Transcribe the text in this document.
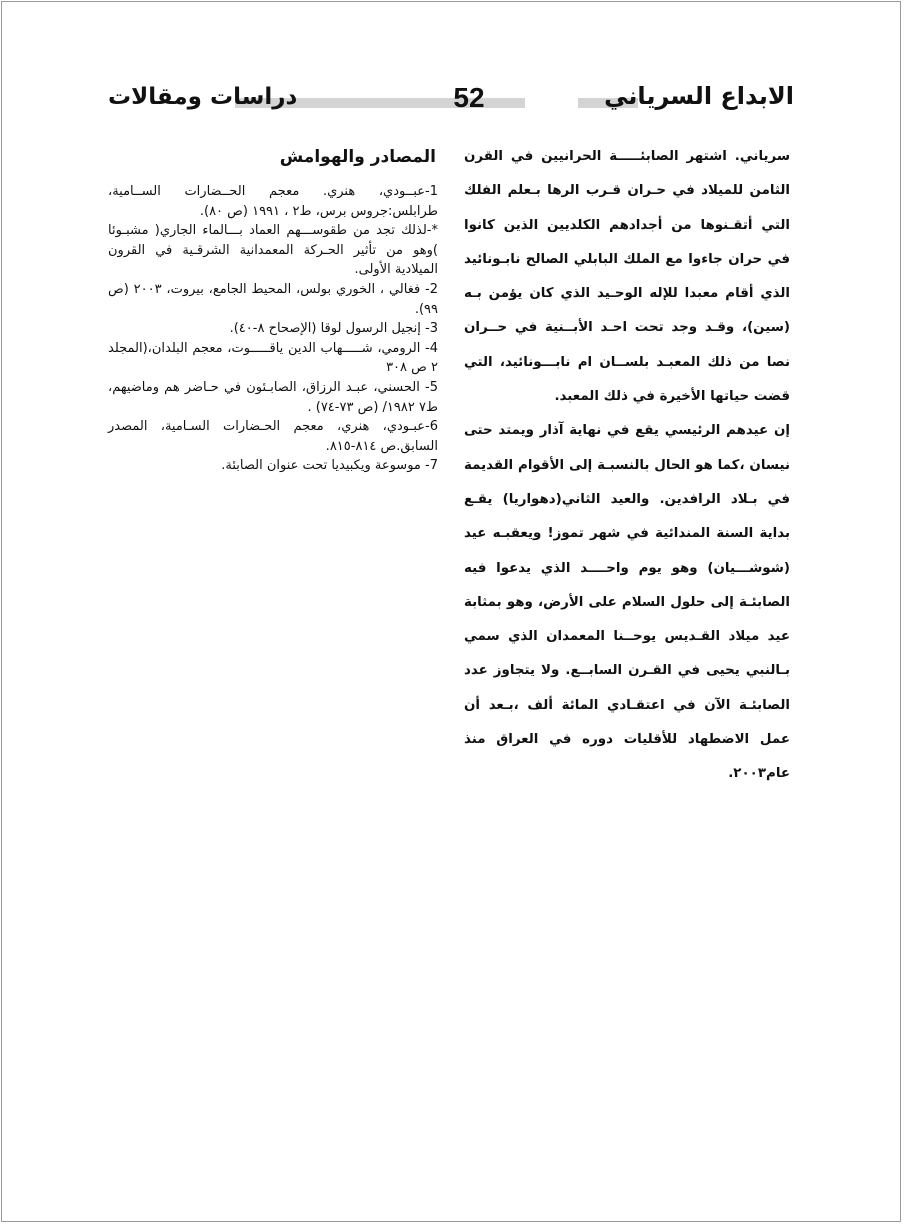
دراسات ومقالات	52	الابداع السرياني

سرياني. اشتهر الصابئـــــة الحرانيين في القرن الثامن للميلاد في حـران قـرب الرها بـعلم الفلك التي أتقـنوها من أجدادهم الكلديين الذين كانوا في حران جاءوا مع الملك البابلي الصالح نابـونائيد الذي أقام معبدا للإله الوحـيد الذي كان يؤمن بـه (سين)، وقـد وجد تحت احـد الأبــنية في حــران نصا من ذلك المعبـد بلســان ام نابـــونائيد، التي قضت حياتها الأخيرة في ذلك المعبد.

إن عيدهم الرئيسي يقع في نهاية آذار ويمتد حتى نيسان ،كما هو الحال بالنسبـة إلى الأقوام القديمة في بـلاد الرافدين. والعيد الثاني(دهواريا) يقـع بداية السنة المندائية في شهر تموز! ويعقبـه عيد (شوشـــيان) وهو يوم واحــــد الذي يدعوا فيه الصابئـة إلى حلول السلام على الأرض، وهو بمثابة عيد ميلاد القـديس يوحــنا المعمدان الذي سمي بـالنبي يحيى في القـرن السابــع. ولا يتجاوز عدد الصابئـة الآن في اعتقـادي المائة ألف ،بـعد أن عمل الاضطهاد للأقليات دوره في العراق منذ عام٢٠٠٣.

المصادر والهوامش
1-عبــودي، هنري. معجم الحــضارات الســامية، طرابلس:جروس برس، ط٢ ، ١٩٩١ (ص ٨٠).
*-لذلك تجد من طقوســـهم العماد بـــالماء الجاري( مشبـوئا )وهو من تأثير الحـركة المعمدانية الشرقـية في القرون الميلادية الأولى.
2- فغالي ، الخوري بولس، المحيط الجامع، بيروت، ٢٠٠٣ (ص ٩٩).
3- إنجيل الرسول لوقا (الإصحاح ٨-٤٠).
4- الرومي، شـــــهاب الدين ياقـــــوت، معجم البلدان،(المجلد ٢ ص ٣٠٨
5- الحسني، عبـد الرزاق، الصابـئون في حـاضر هم وماضيهم، ط٧ ١٩٨٢/ (ص ٧٣-٧٤) .
6-عبـودي، هنري، معجم الحـضارات السـامية، المصدر السابق.ص ٨١٤-٨١٥.
7- موسوعة ويكبيديا تحت عنوان الصابئة.
